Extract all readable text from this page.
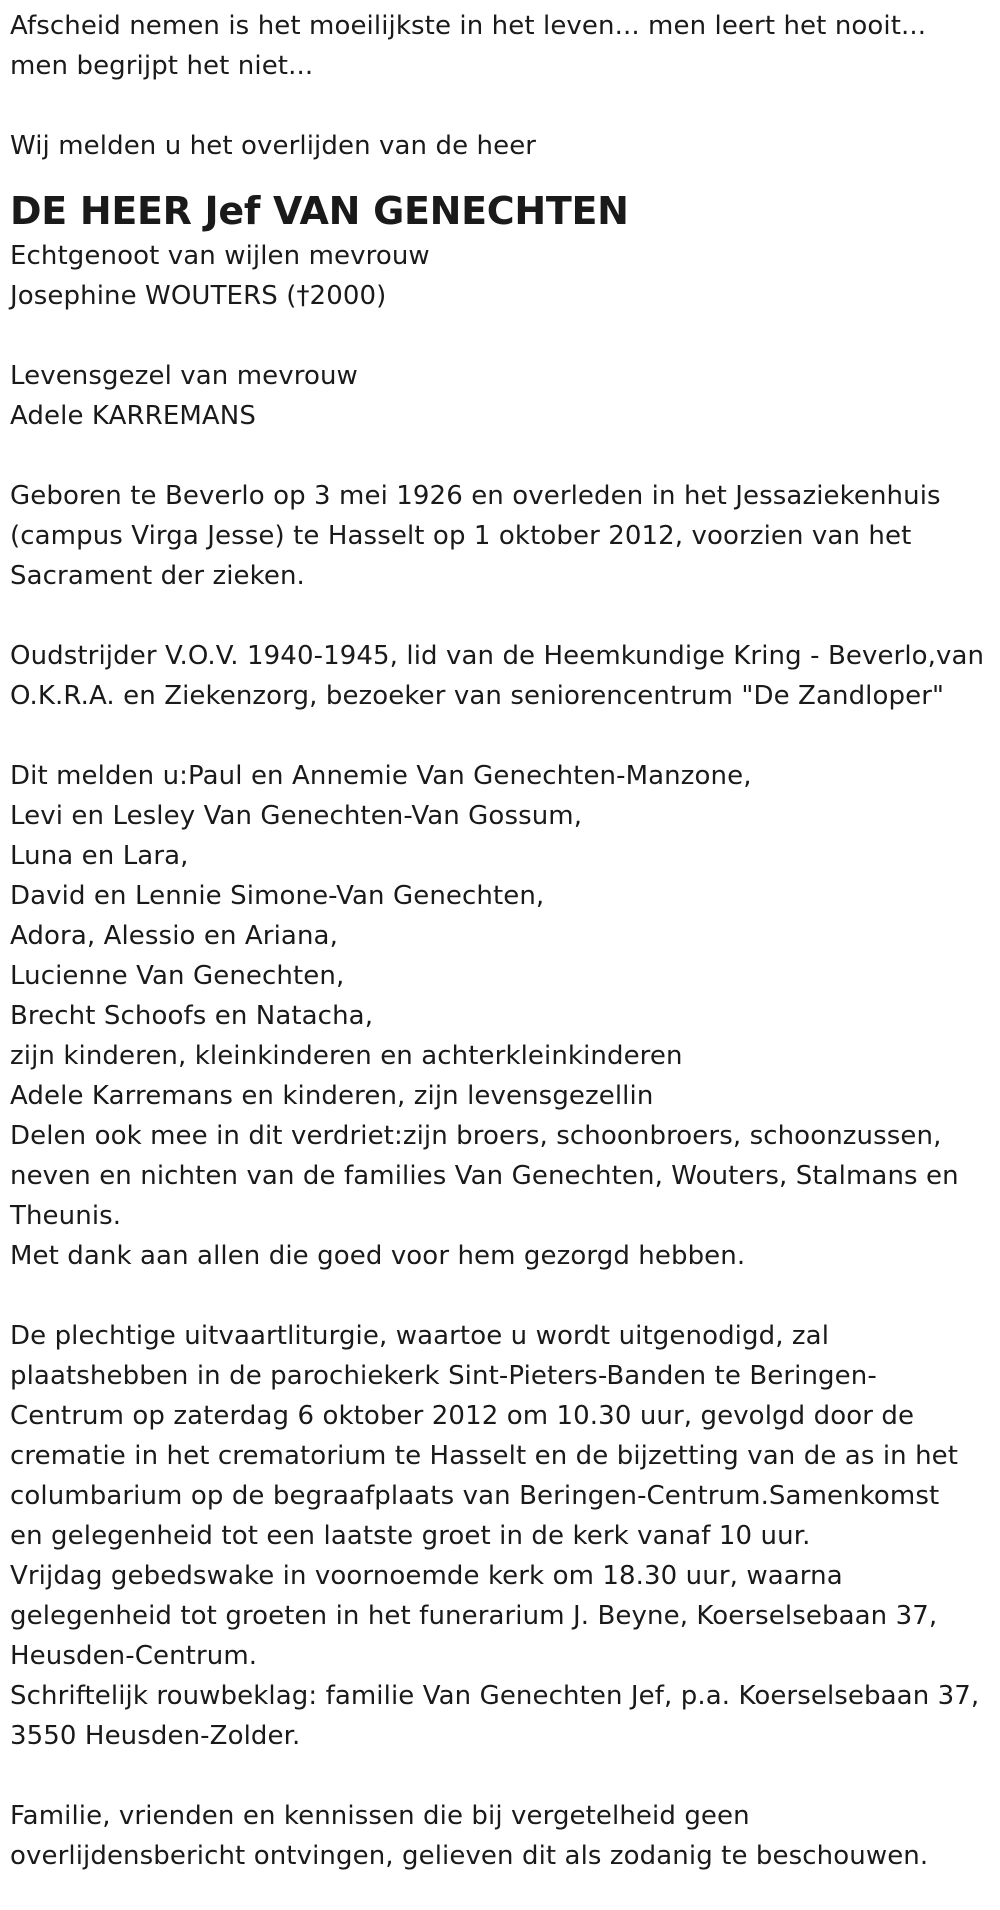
Afscheid nemen is het moeilijkste in het leven... men leert het nooit...
men begrijpt het niet...
Wij melden u het overlijden van de heer
DE HEER Jef VAN GENECHTEN
Echtgenoot van wijlen mevrouw
Josephine WOUTERS (†2000)
Levensgezel van mevrouw
Adele KARREMANS
Geboren te Beverlo op 3 mei 1926 en overleden in het Jessaziekenhuis
(campus Virga Jesse) te Hasselt op 1 oktober 2012, voorzien van het
Sacrament der zieken.
Oudstrijder V.O.V. 1940-1945, lid van de Heemkundige Kring - Beverlo,van
O.K.R.A. en Ziekenzorg, bezoeker van seniorencentrum "De Zandloper"
Dit melden u:Paul en Annemie Van Genechten-Manzone,
Levi en Lesley Van Genechten-Van Gossum,
Luna en Lara,
David en Lennie Simone-Van Genechten,
Adora, Alessio en Ariana,
Lucienne Van Genechten,
Brecht Schoofs en Natacha,
zijn kinderen, kleinkinderen en achterkleinkinderen
Adele Karremans en kinderen, zijn levensgezellin
Delen ook mee in dit verdriet:zijn broers, schoonbroers, schoonzussen,
neven en nichten van de families Van Genechten, Wouters, Stalmans en
Theunis.
Met dank aan allen die goed voor hem gezorgd hebben.
De plechtige uitvaartliturgie, waartoe u wordt uitgenodigd, zal
plaatshebben in de parochiekerk Sint-Pieters-Banden te Beringen-
Centrum op zaterdag 6 oktober 2012 om 10.30 uur, gevolgd door de
crematie in het crematorium te Hasselt en de bijzetting van de as in het
columbarium op de begraafplaats van Beringen-Centrum.Samenkomst
en gelegenheid tot een laatste groet in de kerk vanaf 10 uur.
Vrijdag gebedswake in voornoemde kerk om 18.30 uur, waarna
gelegenheid tot groeten in het funerarium J. Beyne, Koerselsebaan 37,
Heusden-Centrum.
Schriftelijk rouwbeklag: familie Van Genechten Jef, p.a. Koerselsebaan 37,
3550 Heusden-Zolder.
Familie, vrienden en kennissen die bij vergetelheid geen
overlijdensbericht ontvingen, gelieven dit als zodanig te beschouwen.
